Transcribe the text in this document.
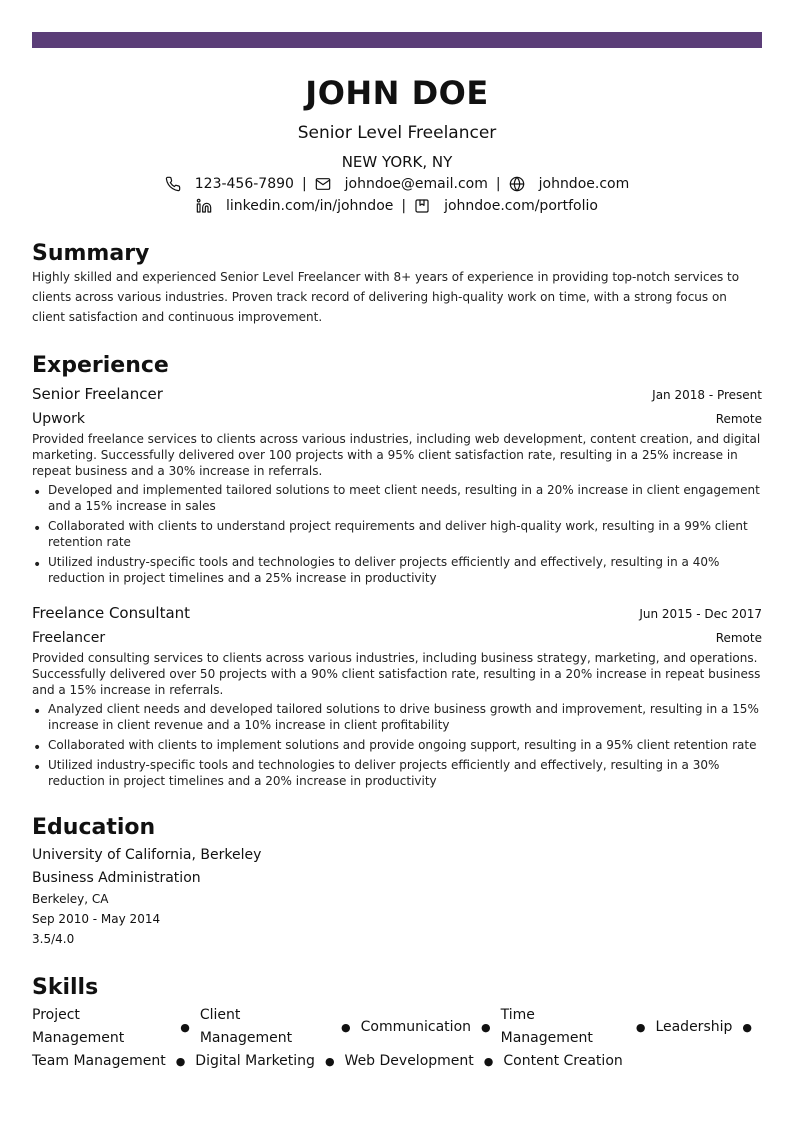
JOHN DOE
Senior Level Freelancer
NEW YORK, NY
123-456-7890 |	johndoe@email.com |	johndoe.com
linkedin.com/in/johndoe |	johndoe.com/portfolio
Summary
Highly skilled and experienced Senior Level Freelancer with 8+ years of experience in providing top-notch services to clients across various industries. Proven track record of delivering high-quality work on time, with a strong focus on client satisfaction and continuous improvement.
Experience
Senior Freelancer	Jan 2018 - Present
Upwork	Remote
Provided freelance services to clients across various industries, including web development, content creation, and digital marketing. Successfully delivered over 100 projects with a 95% client satisfaction rate, resulting in a 25% increase in repeat business and a 30% increase in referrals.
• Developed and implemented tailored solutions to meet client needs, resulting in a 20% increase in client engagement and a 15% increase in sales
• Collaborated with clients to understand project requirements and deliver high-quality work, resulting in a 99% client retention rate
• Utilized industry-specific tools and technologies to deliver projects efficiently and effectively, resulting in a 40% reduction in project timelines and a 25% increase in productivity
Freelance Consultant	Jun 2015 - Dec 2017
Freelancer	Remote
Provided consulting services to clients across various industries, including business strategy, marketing, and operations. Successfully delivered over 50 projects with a 90% client satisfaction rate, resulting in a 20% increase in repeat business and a 15% increase in referrals.
• Analyzed client needs and developed tailored solutions to drive business growth and improvement, resulting in a 15% increase in client revenue and a 10% increase in client profitability
• Collaborated with clients to implement solutions and provide ongoing support, resulting in a 95% client retention rate
• Utilized industry-specific tools and technologies to deliver projects efficiently and effectively, resulting in a 30% reduction in project timelines and a 20% increase in productivity
Education
University of California, Berkeley
Business Administration
Berkeley, CA
Sep 2010 - May 2014
3.5/4.0
Skills
Project Management
●
Client Management
● Communication ●
Time Management
● Leadership ●
Team Management ● Digital Marketing ● Web Development ● Content Creation
